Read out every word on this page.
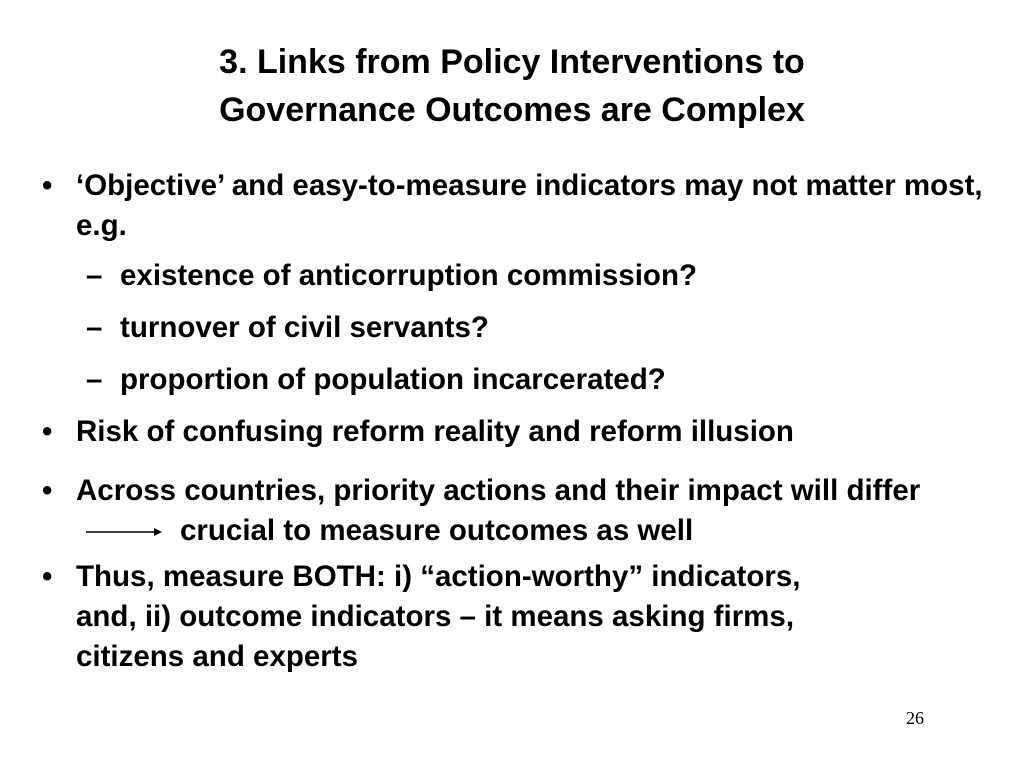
3. Links from Policy Interventions to
Governance Outcomes are Complex
• ‘Objective’ and easy-to-measure indicators may not matter most, e.g.
– existence of anticorruption commission?
– turnover of civil servants?
– proportion of population incarcerated?
• Risk of confusing reform reality and reform illusion
• Across countries, priority actions and their impact will differcrucial to measure outcomes as well
• Thus, measure BOTH: i) “action-worthy” indicators,
and, ii) outcome indicators – it means asking firms,
citizens and experts
26
